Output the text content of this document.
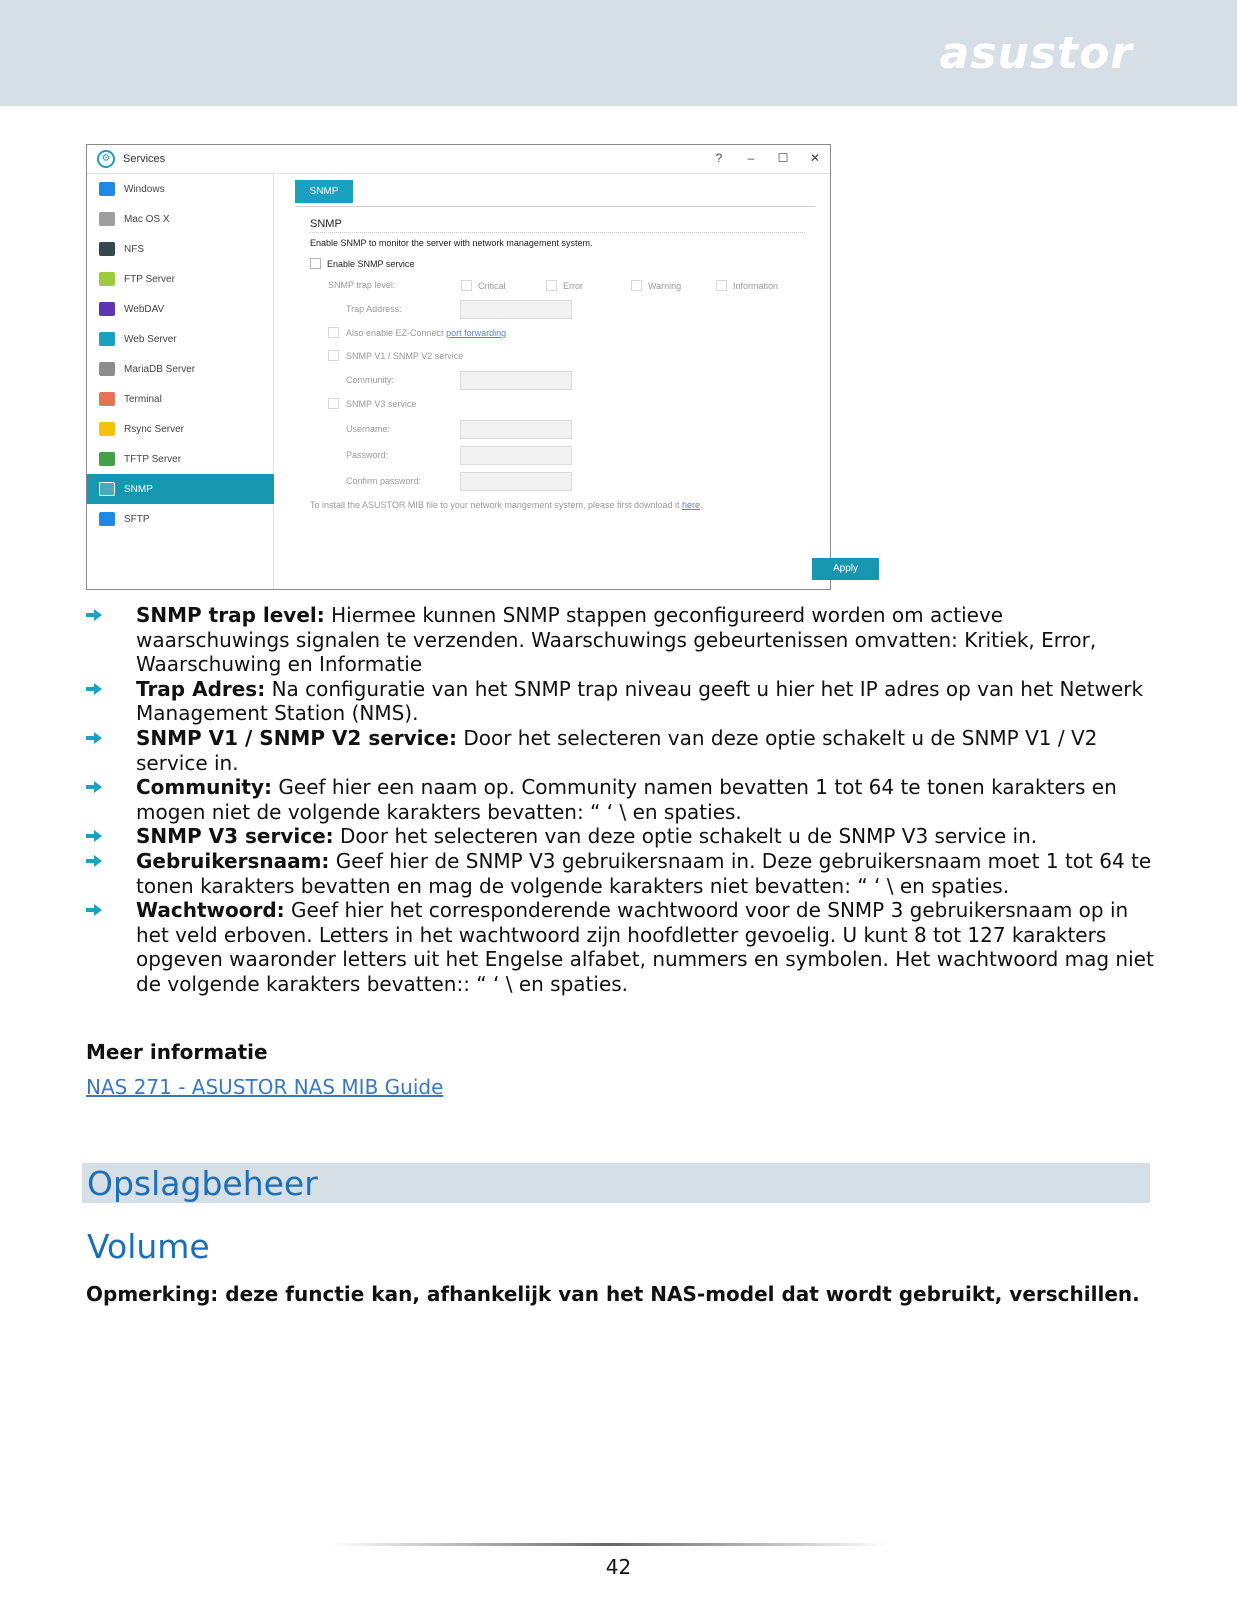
asustor
⚙	Services	?	–	☐ ✕
Windows
Mac OS X
NFS
FTP Server
WebDAV
Web Server
MariaDB Server
Terminal
Rsync Server
TFTP Server
SNMP
SFTP
SNMP
SNMP
Enable SNMP to monitor the server with network management system.
Enable SNMP service
SNMP trap level:	Critical	Error	Warning	Information
Trap Address:
Also enable EZ-Connect port forwarding
SNMP V1 / SNMP V2 service
Community:
SNMP V3 service
Username:
Password:
Confirm password:
To install the ASUSTOR MIB file to your network mangement system, please first download it here.
Apply
SNMP trap level: Hiermee kunnen SNMP stappen geconfigureerd worden om actieve waarschuwings signalen te verzenden. Waarschuwings gebeurtenissen omvatten: Kritiek, Error, Waarschuwing en Informatie
Trap Adres: Na configuratie van het SNMP trap niveau geeft u hier het IP adres op van het Netwerk Management Station (NMS).
SNMP V1 / SNMP V2 service: Door het selecteren van deze optie schakelt u de SNMP V1 / V2 service in.
Community: Geef hier een naam op. Community namen bevatten 1 tot 64 te tonen karakters en mogen niet de volgende karakters bevatten: “ ‘ \ en spaties.
SNMP V3 service: Door het selecteren van deze optie schakelt u de SNMP V3 service in.
Gebruikersnaam: Geef hier de SNMP V3 gebruikersnaam in. Deze gebruikersnaam moet 1 tot 64 te tonen karakters bevatten en mag de volgende karakters niet bevatten: “ ‘ \ en spaties.
Wachtwoord: Geef hier het corresponderende wachtwoord voor de SNMP 3 gebruikersnaam op in het veld erboven. Letters in het wachtwoord zijn hoofdletter gevoelig. U kunt 8 tot 127 karakters opgeven waaronder letters uit het Engelse alfabet, nummers en symbolen. Het wachtwoord mag niet de volgende karakters bevatten:: “ ‘ \ en spaties.
Meer informatie
NAS 271 - ASUSTOR NAS MIB Guide
Opslagbeheer
Volume
Opmerking: deze functie kan, afhankelijk van het NAS-model dat wordt gebruikt, verschillen.
42
